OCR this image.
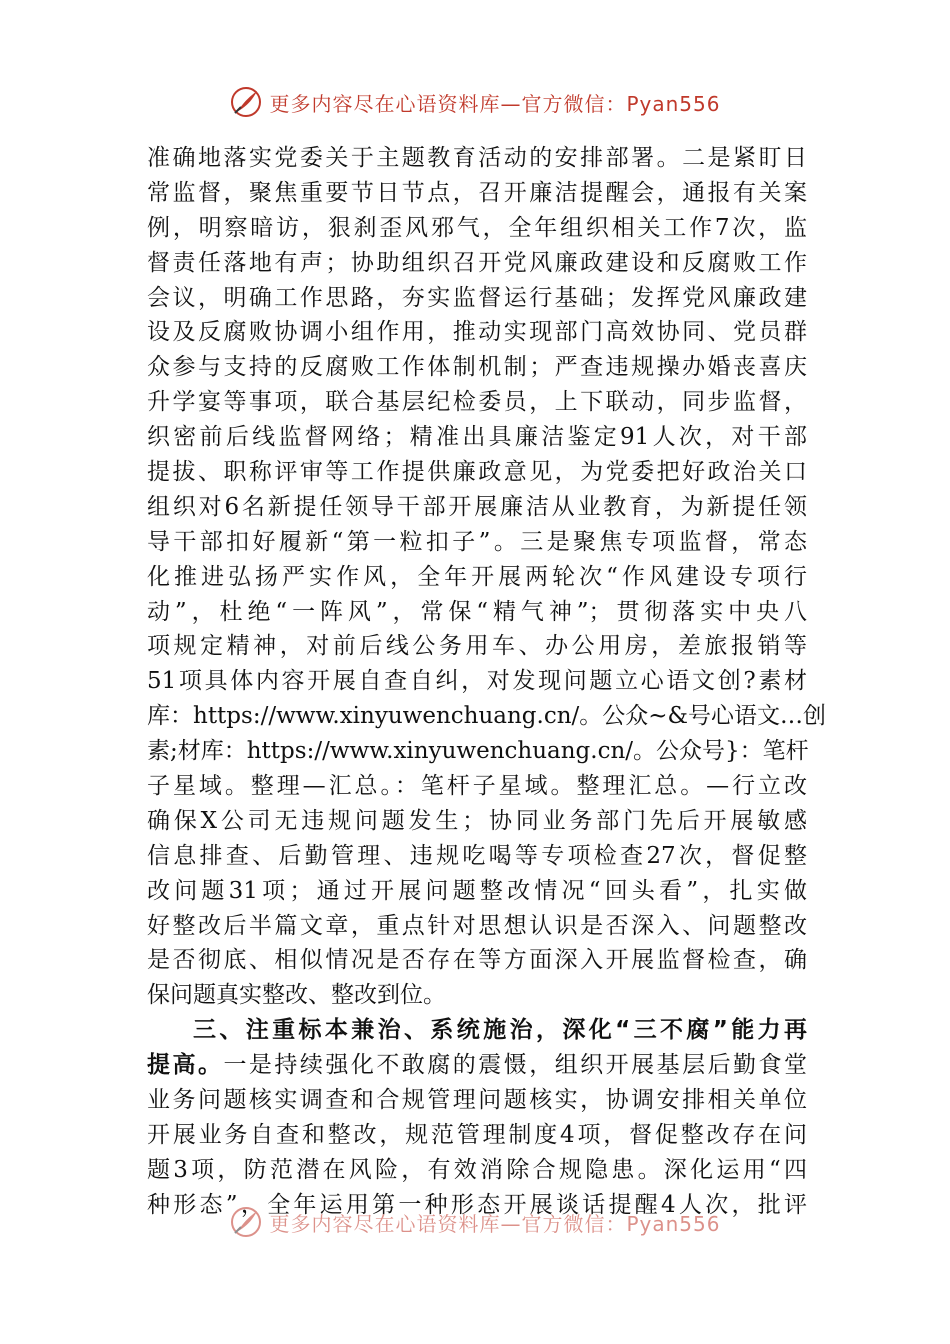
更多内容尽在心语资料库—官方微信：Pyan556
准确地落实党委关于主题教育活动的安排部署。二是紧盯日
常监督，聚焦重要节日节点，召开廉洁提醒会，通报有关案
例，明察暗访，狠刹歪风邪气，全年组织相关工作7次，监
督责任落地有声；协助组织召开党风廉政建设和反腐败工作
会议，明确工作思路，夯实监督运行基础；发挥党风廉政建
设及反腐败协调小组作用，推动实现部门高效协同、党员群
众参与支持的反腐败工作体制机制；严查违规操办婚丧喜庆
升学宴等事项，联合基层纪检委员，上下联动，同步监督，
织密前后线监督网络；精准出具廉洁鉴定91人次，对干部
提拔、职称评审等工作提供廉政意见，为党委把好政治关口
组织对6名新提任领导干部开展廉洁从业教育，为新提任领
导干部扣好履新“第一粒扣子”。三是聚焦专项监督，常态
化推进弘扬严实作风，全年开展两轮次“作风建设专项行
动”，杜绝“一阵风”，常保“精气神”；贯彻落实中央八
项规定精神，对前后线公务用车、办公用房，差旅报销等
51项具体内容开展自查自纠，对发现问题立心语文创?素材
库：https://www.xinyuwenchuang.cn/。公众~&号心语文…创
素;材库：https://www.xinyuwenchuang.cn/。公众号}：笔杆
子星域。整理—汇总。：笔杆子星域。整理汇总。—行立改
确保X公司无违规问题发生；协同业务部门先后开展敏感
信息排查、后勤管理、违规吃喝等专项检查27次，督促整
改问题31项；通过开展问题整改情况“回头看”，扎实做
好整改后半篇文章，重点针对思想认识是否深入、问题整改
是否彻底、相似情况是否存在等方面深入开展监督检查，确
保问题真实整改、整改到位。
三、注重标本兼治、系统施治，深化“三不腐”能力再
提高。一是持续强化不敢腐的震慑，组织开展基层后勤食堂
业务问题核实调查和合规管理问题核实，协调安排相关单位
开展业务自查和整改，规范管理制度4项，督促整改存在问
题3项，防范潜在风险，有效消除合规隐患。深化运用“四
种形态”，全年运用第一种形态开展谈话提醒4人次，批评
更多内容尽在心语资料库—官方微信：Pyan556
